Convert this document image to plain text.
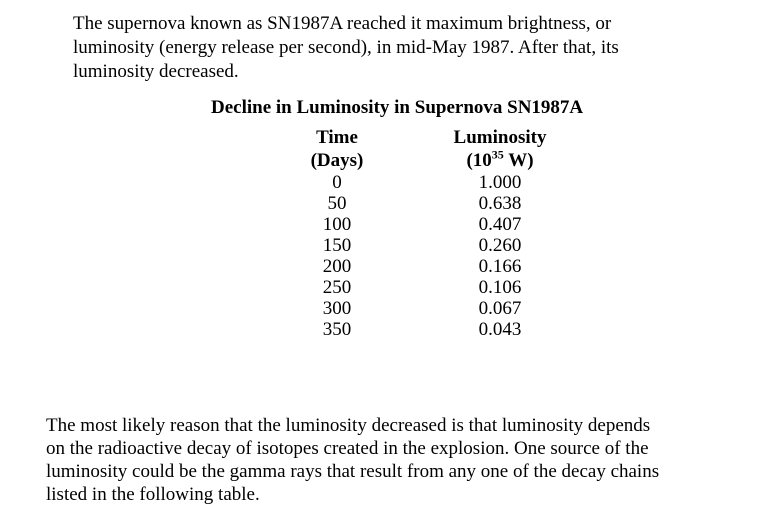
The supernova known as SN1987A reached it maximum brightness, or
luminosity (energy release per second), in mid-May 1987. After that, its
luminosity decreased.

Decline in Luminosity in Supernova SN1987A
Time
(Days)
0
50
100
150
200
250
300
350
Luminosity
($10^{35}$ W)
1.000
0.638
0.407
0.260
0.166
0.106
0.067
0.043

The most likely reason that the luminosity decreased is that luminosity depends
on the radioactive decay of isotopes created in the explosion. One source of the
luminosity could be the gamma rays that result from any one of the decay chains
listed in the following table.
